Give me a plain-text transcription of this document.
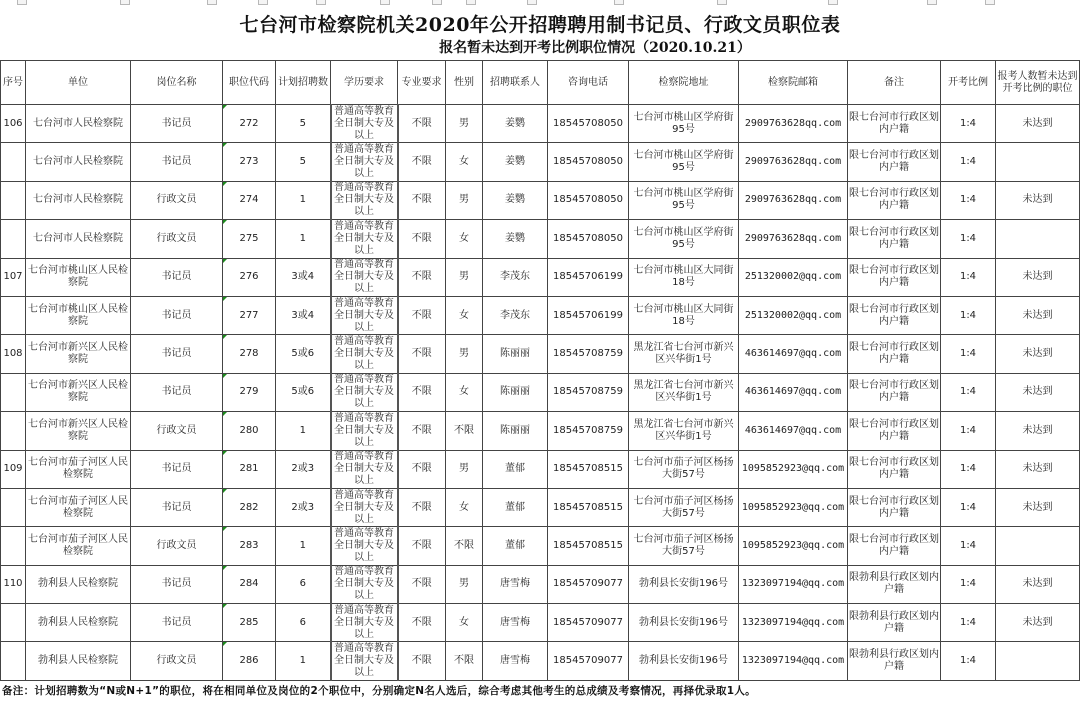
七台河市检察院机关2020年公开招聘聘用制书记员、行政文员职位表
报名暂未达到开考比例职位情况（2020.10.21）
序号	单位	岗位名称	职位代码	计划招聘数	学历要求	专业要求	性别	招聘联系人	咨询电话	检察院地址	检察院邮箱	备注	开考比例	报考人数暂未达到开考比例的职位
106	七台河市人民检察院	书记员	272	5	普通高等教育全日制大专及以上	不限	男	姜鹦	18545708050	七台河市桃山区学府街95号	2909763628qq.com	限七台河市行政区划内户籍	1:4	未达到
	七台河市人民检察院	书记员	273	5	普通高等教育全日制大专及以上	不限	女	姜鹦	18545708050	七台河市桃山区学府街95号	2909763628qq.com	限七台河市行政区划内户籍	1:4	
	七台河市人民检察院	行政文员	274	1	普通高等教育全日制大专及以上	不限	男	姜鹦	18545708050	七台河市桃山区学府街95号	2909763628qq.com	限七台河市行政区划内户籍	1:4	未达到
	七台河市人民检察院	行政文员	275	1	普通高等教育全日制大专及以上	不限	女	姜鹦	18545708050	七台河市桃山区学府街95号	2909763628qq.com	限七台河市行政区划内户籍	1:4	
107	七台河市桃山区人民检察院	书记员	276	3或4	普通高等教育全日制大专及以上	不限	男	李茂东	18545706199	七台河市桃山区大同街18号	251320002@qq.com	限七台河市行政区划内户籍	1:4	未达到
	七台河市桃山区人民检察院	书记员	277	3或4	普通高等教育全日制大专及以上	不限	女	李茂东	18545706199	七台河市桃山区大同街18号	251320002@qq.com	限七台河市行政区划内户籍	1:4	未达到
108	七台河市新兴区人民检察院	书记员	278	5或6	普通高等教育全日制大专及以上	不限	男	陈丽丽	18545708759	黑龙江省七台河市新兴区兴华街1号	463614697@qq.com	限七台河市行政区划内户籍	1:4	未达到
	七台河市新兴区人民检察院	书记员	279	5或6	普通高等教育全日制大专及以上	不限	女	陈丽丽	18545708759	黑龙江省七台河市新兴区兴华街1号	463614697@qq.com	限七台河市行政区划内户籍	1:4	未达到
	七台河市新兴区人民检察院	行政文员	280	1	普通高等教育全日制大专及以上	不限	不限	陈丽丽	18545708759	黑龙江省七台河市新兴区兴华街1号	463614697@qq.com	限七台河市行政区划内户籍	1:4	未达到
109	七台河市茄子河区人民检察院	书记员	281	2或3	普通高等教育全日制大专及以上	不限	男	董郁	18545708515	七台河市茄子河区杨扬大街57号	1095852923@qq.com	限七台河市行政区划内户籍	1:4	未达到
	七台河市茄子河区人民检察院	书记员	282	2或3	普通高等教育全日制大专及以上	不限	女	董郁	18545708515	七台河市茄子河区杨扬大街57号	1095852923@qq.com	限七台河市行政区划内户籍	1:4	未达到
	七台河市茄子河区人民检察院	行政文员	283	1	普通高等教育全日制大专及以上	不限	不限	董郁	18545708515	七台河市茄子河区杨扬大街57号	1095852923@qq.com	限七台河市行政区划内户籍	1:4	
110	勃利县人民检察院	书记员	284	6	普通高等教育全日制大专及以上	不限	男	唐雪梅	18545709077	勃利县长安街196号	1323097194@qq.com	限勃利县行政区划内户籍	1:4	未达到
	勃利县人民检察院	书记员	285	6	普通高等教育全日制大专及以上	不限	女	唐雪梅	18545709077	勃利县长安街196号	1323097194@qq.com	限勃利县行政区划内户籍	1:4	未达到
	勃利县人民检察院	行政文员	286	1	普通高等教育全日制大专及以上	不限	不限	唐雪梅	18545709077	勃利县长安街196号	1323097194@qq.com	限勃利县行政区划内户籍	1:4	
备注：计划招聘数为“N或N+1”的职位，将在相同单位及岗位的2个职位中，分别确定N名人选后，综合考虑其他考生的总成绩及考察情况，再择优录取1人。
